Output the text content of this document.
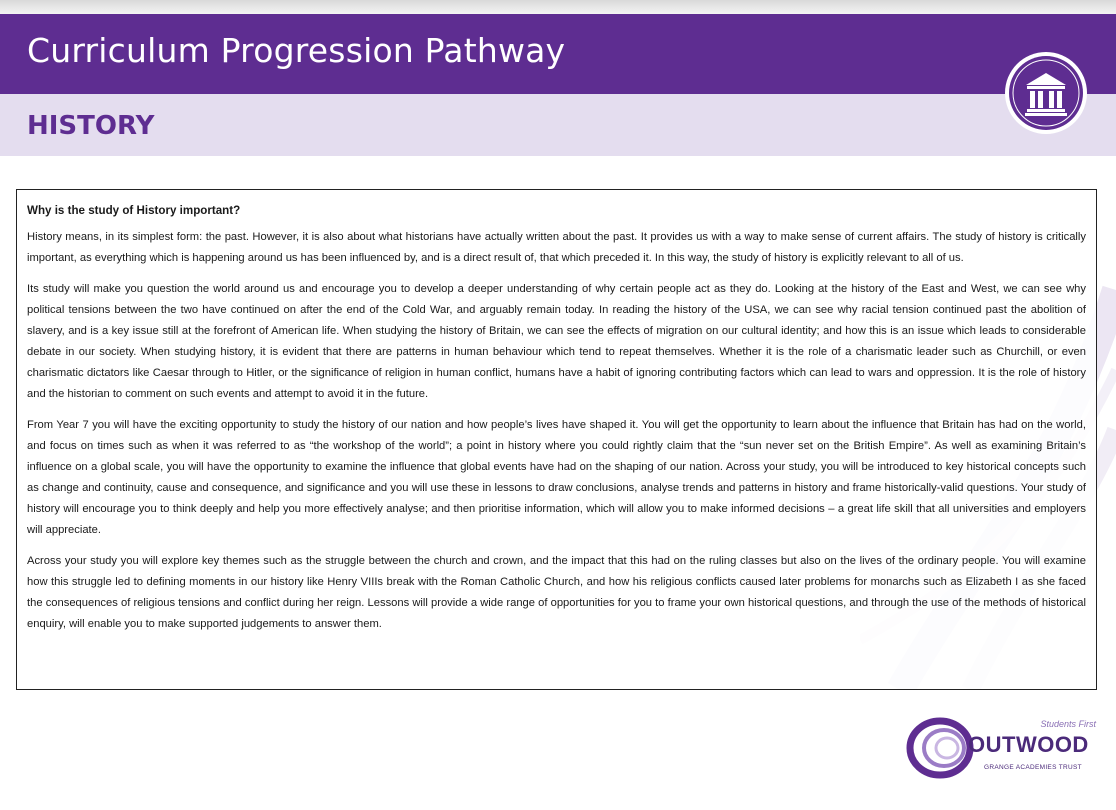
Curriculum Progression Pathway
HISTORY
Why is the study of History important?

History means, in its simplest form: the past. However, it is also about what historians have actually written about the past. It provides us with a way to make sense of current affairs. The study of history is critically important, as everything which is happening around us has been influenced by, and is a direct result of, that which preceded it. In this way, the study of history is explicitly relevant to all of us.

Its study will make you question the world around us and encourage you to develop a deeper understanding of why certain people act as they do. Looking at the history of the East and West, we can see why political tensions between the two have continued on after the end of the Cold War, and arguably remain today. In reading the history of the USA, we can see why racial tension continued past the abolition of slavery, and is a key issue still at the forefront of American life. When studying the history of Britain, we can see the effects of migration on our cultural identity; and how this is an issue which leads to considerable debate in our society. When studying history, it is evident that there are patterns in human behaviour which tend to repeat themselves. Whether it is the role of a charismatic leader such as Churchill, or even charismatic dictators like Caesar through to Hitler, or the significance of religion in human conflict, humans have a habit of ignoring contributing factors which can lead to wars and oppression. It is the role of history and the historian to comment on such events and attempt to avoid it in the future.

From Year 7 you will have the exciting opportunity to study the history of our nation and how people’s lives have shaped it. You will get the opportunity to learn about the influence that Britain has had on the world, and focus on times such as when it was referred to as “the workshop of the world”; a point in history where you could rightly claim that the “sun never set on the British Empire”. As well as examining Britain’s influence on a global scale, you will have the opportunity to examine the influence that global events have had on the shaping of our nation. Across your study, you will be introduced to key historical concepts such as change and continuity, cause and consequence, and significance and you will use these in lessons to draw conclusions, analyse trends and patterns in history and frame historically-valid questions. Your study of history will encourage you to think deeply and help you more effectively analyse; and then prioritise information, which will allow you to make informed decisions – a great life skill that all universities and employers will appreciate.

Across your study you will explore key themes such as the struggle between the church and crown, and the impact that this had on the ruling classes but also on the lives of the ordinary people. You will examine how this struggle led to defining moments in our history like Henry VIIIs break with the Roman Catholic Church, and how his religious conflicts caused later problems for monarchs such as Elizabeth I as she faced the consequences of religious tensions and conflict during her reign. Lessons will provide a wide range of opportunities for you to frame your own historical questions, and through the use of the methods of historical enquiry, will enable you to make supported judgements to answer them.

Students First
OUTWOOD
GRANGE ACADEMIES TRUST
